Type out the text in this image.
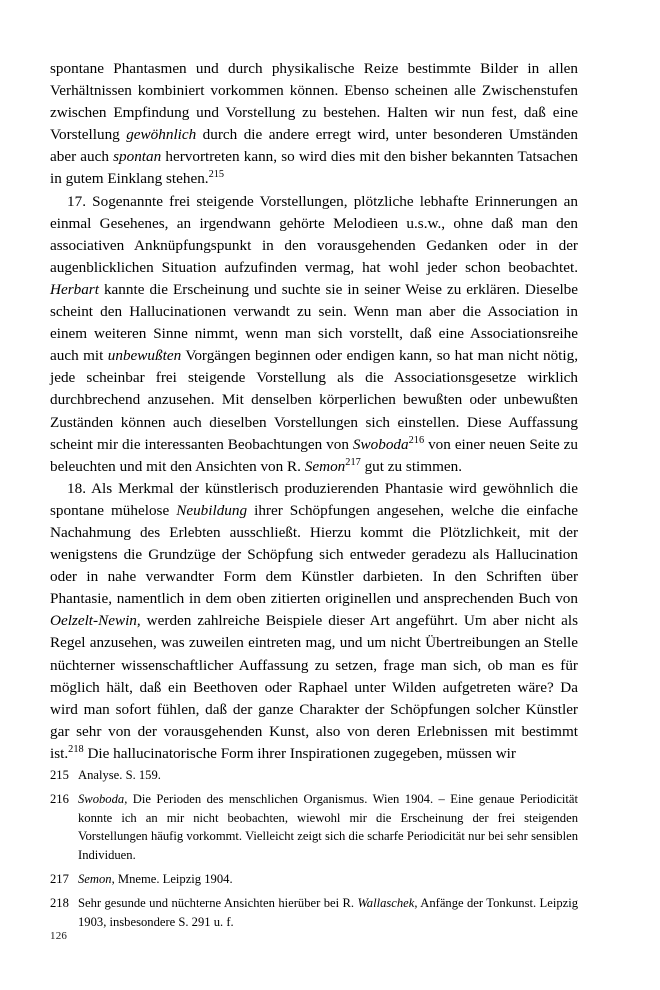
spontane Phantasmen und durch physikalische Reize bestimmte Bilder in allen Verhältnissen kombiniert vorkommen können. Ebenso scheinen alle Zwischenstufen zwischen Empfindung und Vorstellung zu bestehen. Halten wir nun fest, daß eine Vorstellung gewöhnlich durch die andere erregt wird, unter besonderen Umständen aber auch spontan hervortreten kann, so wird dies mit den bisher bekannten Tatsachen in gutem Einklang stehen.$^{215}$

17. Sogenannte frei steigende Vorstellungen, plötzliche lebhafte Erinnerungen an einmal Gesehenes, an irgendwann gehörte Melodieen u.s.w., ohne daß man den associativen Anknüpfungspunkt in den vorausgehenden Gedanken oder in der augenblicklichen Situation aufzufinden vermag, hat wohl jeder schon beobachtet. Herbart kannte die Erscheinung und suchte sie in seiner Weise zu erklären. Dieselbe scheint den Hallucinationen verwandt zu sein. Wenn man aber die Association in einem weiteren Sinne nimmt, wenn man sich vorstellt, daß eine Associationsreihe auch mit unbewußten Vorgängen beginnen oder endigen kann, so hat man nicht nötig, jede scheinbar frei steigende Vorstellung als die Associationsgesetze wirklich durchbrechend anzusehen. Mit denselben körperlichen bewußten oder unbewußten Zuständen können auch dieselben Vorstellungen sich einstellen. Diese Auffassung scheint mir die interessanten Beobachtungen von Swoboda$^{216}$ von einer neuen Seite zu beleuchten und mit den Ansichten von R. Semon$^{217}$ gut zu stimmen.

18. Als Merkmal der künstlerisch produzierenden Phantasie wird gewöhnlich die spontane mühelose Neubildung ihrer Schöpfungen angesehen, welche die einfache Nachahmung des Erlebten ausschließt. Hierzu kommt die Plötzlichkeit, mit der wenigstens die Grundzüge der Schöpfung sich entweder geradezu als Hallucination oder in nahe verwandter Form dem Künstler darbieten. In den Schriften über Phantasie, namentlich in dem oben zitierten originellen und ansprechenden Buch von Oelzelt-Newin, werden zahlreiche Beispiele dieser Art angeführt. Um aber nicht als Regel anzusehen, was zuweilen eintreten mag, und um nicht Übertreibungen an Stelle nüchterner wissenschaftlicher Auffassung zu setzen, frage man sich, ob man es für möglich hält, daß ein Beethoven oder Raphael unter Wilden aufgetreten wäre? Da wird man sofort fühlen, daß der ganze Charakter der Schöpfungen solcher Künstler gar sehr von der vorausgehenden Kunst, also von deren Erlebnissen mit bestimmt ist.$^{218}$ Die hallucinatorische Form ihrer Inspirationen zugegeben, müssen wir

215 Analyse. S. 159.
216 Swoboda, Die Perioden des menschlichen Organismus. Wien 1904. – Eine genaue Periodicität konnte ich an mir nicht beobachten, wiewohl mir die Erscheinung der frei steigenden Vorstellungen häufig vorkommt. Vielleicht zeigt sich die scharfe Periodicität nur bei sehr sensiblen Individuen.
217 Semon, Mneme. Leipzig 1904.
218 Sehr gesunde und nüchterne Ansichten hierüber bei R. Wallaschek, Anfänge der Tonkunst. Leipzig 1903, insbesondere S. 291 u. f.
126
